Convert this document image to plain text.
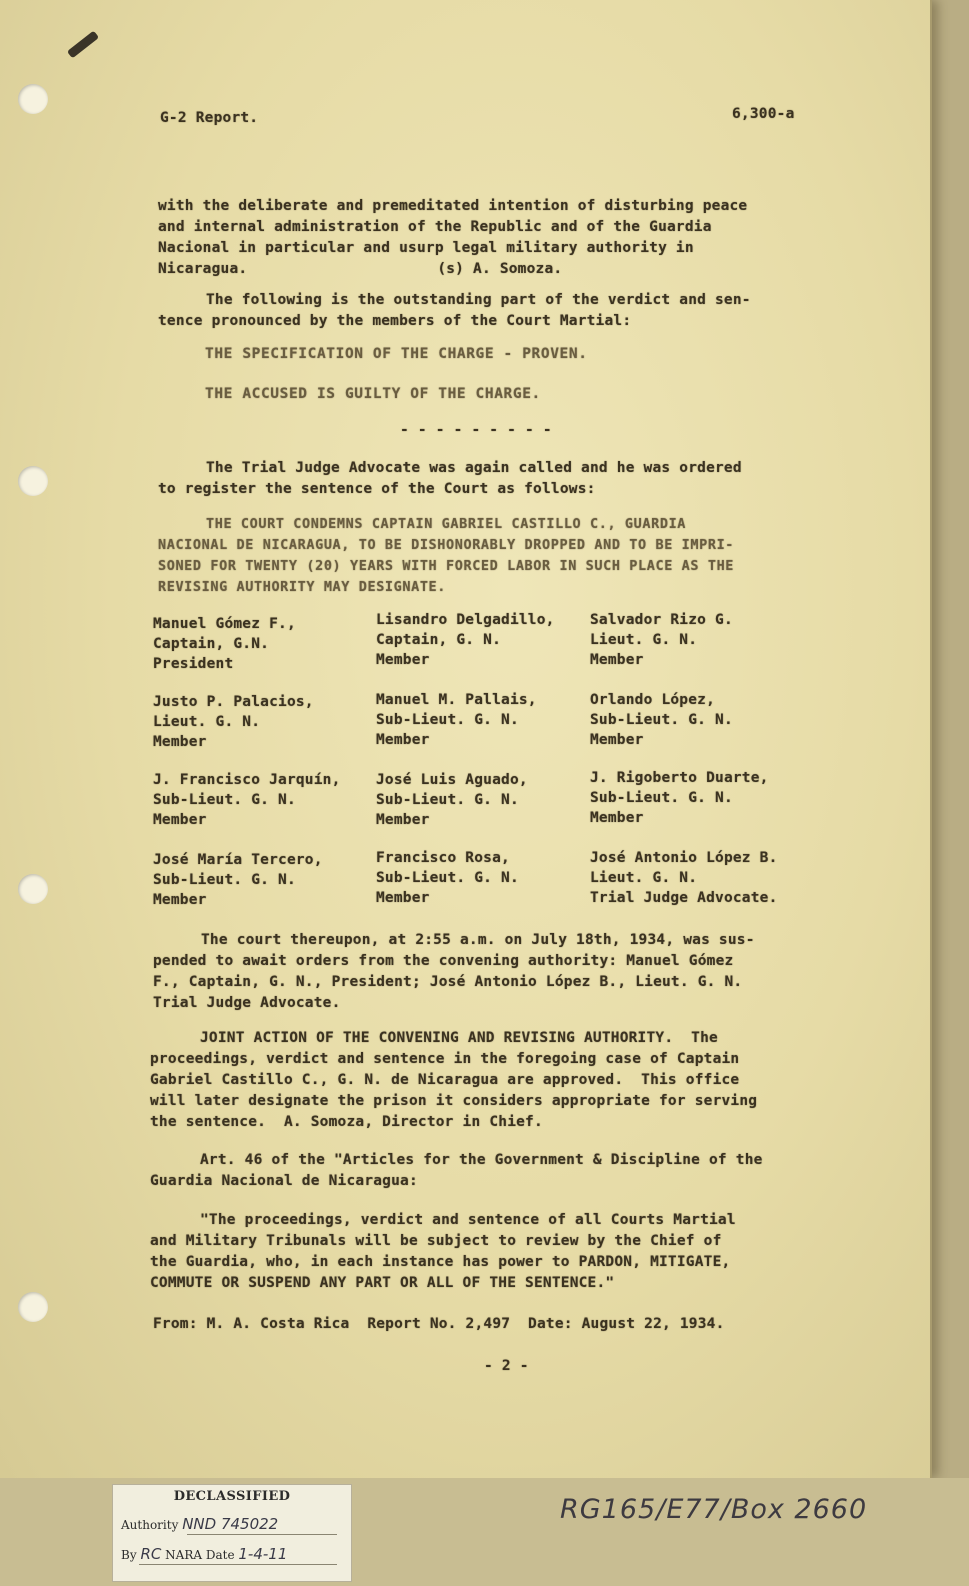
G-2 Report.	6,300-a
with the deliberate and premeditated intention of disturbing peace
and internal administration of the Republic and of the Guardia
Nacional in particular and usurp legal military authority in
Nicaragua.	(s) A. Somoza.
The following is the outstanding part of the verdict and sen-
tence pronounced by the members of the Court Martial:
THE SPECIFICATION OF THE CHARGE - PROVEN.
THE ACCUSED IS GUILTY OF THE CHARGE.
- - - - - - - - -
The Trial Judge Advocate was again called and he was ordered
to register the sentence of the Court as follows:
THE COURT CONDEMNS CAPTAIN GABRIEL CASTILLO C., GUARDIA
NACIONAL DE NICARAGUA, TO BE DISHONORABLY DROPPED AND TO BE IMPRI-
SONED FOR TWENTY (20) YEARS WITH FORCED LABOR IN SUCH PLACE AS THE
REVISING AUTHORITY MAY DESIGNATE.
Manuel Gómez F.,
Captain, G.N.
President
Lisandro Delgadillo,
Captain, G. N.
Member
Salvador Rizo G.
Lieut. G. N.
Member
Justo P. Palacios,
Lieut. G. N.
Member
Manuel M. Pallais,
Sub-Lieut. G. N.
Member
Orlando López,
Sub-Lieut. G. N.
Member
J. Francisco Jarquín,
Sub-Lieut. G. N.
Member
José Luis Aguado,
Sub-Lieut. G. N.
Member
J. Rigoberto Duarte,
Sub-Lieut. G. N.
Member
José María Tercero,
Sub-Lieut. G. N.
Member
Francisco Rosa,
Sub-Lieut. G. N.
Member
José Antonio López B.
Lieut. G. N.
Trial Judge Advocate.
The court thereupon, at 2:55 a.m. on July 18th, 1934, was sus-
pended to await orders from the convening authority: Manuel Gómez
F., Captain, G. N., President; José Antonio López B., Lieut. G. N.
Trial Judge Advocate.
JOINT ACTION OF THE CONVENING AND REVISING AUTHORITY.  The
proceedings, verdict and sentence in the foregoing case of Captain
Gabriel Castillo C., G. N. de Nicaragua are approved.  This office
will later designate the prison it considers appropriate for serving
the sentence.  A. Somoza, Director in Chief.
Art. 46 of the "Articles for the Government & Discipline of the
Guardia Nacional de Nicaragua:
"The proceedings, verdict and sentence of all Courts Martial
and Military Tribunals will be subject to review by the Chief of
the Guardia, who, in each instance has power to PARDON, MITIGATE,
COMMUTE OR SUSPEND ANY PART OR ALL OF THE SENTENCE."
From: M. A. Costa Rica  Report No. 2,497  Date: August 22, 1934.
- 2 -
DECLASSIFIED
Authority NND 745022
By RC NARA Date 1-4-11
RG165/E77/Box 2660
